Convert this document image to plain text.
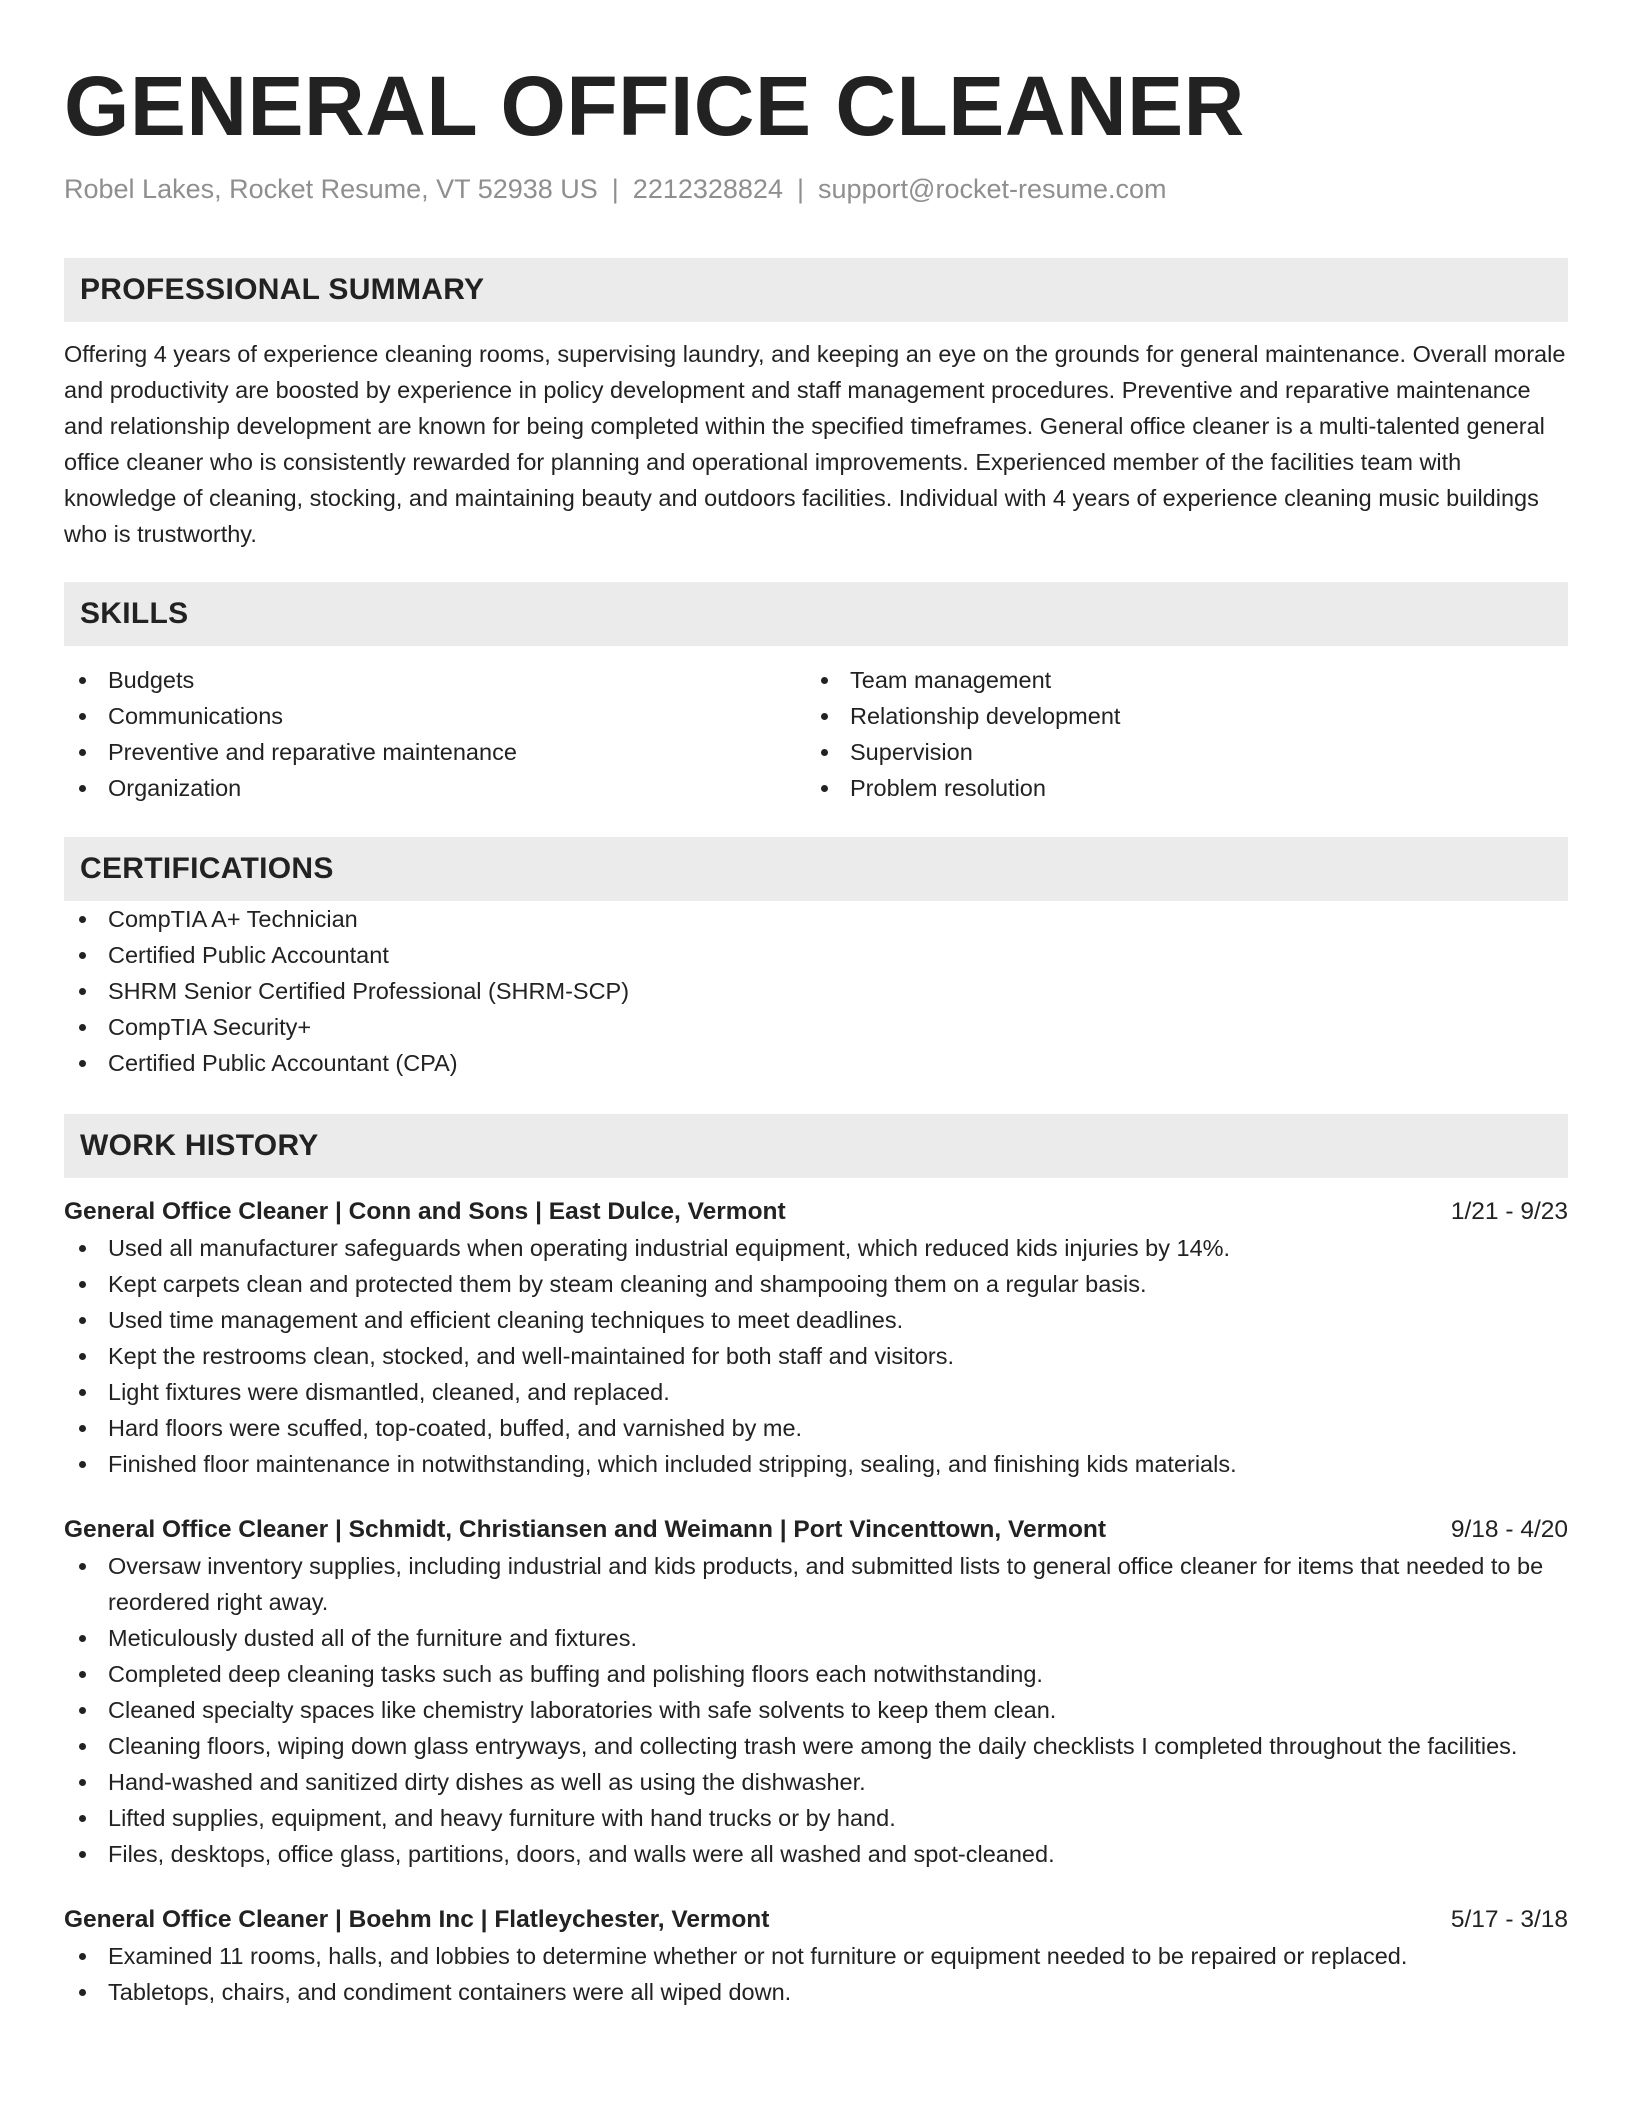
GENERAL OFFICE CLEANER
Robel Lakes, Rocket Resume, VT 52938 US | 2212328824 | support@rocket-resume.com
PROFESSIONAL SUMMARY
Offering 4 years of experience cleaning rooms, supervising laundry, and keeping an eye on the grounds for general maintenance. Overall morale and productivity are boosted by experience in policy development and staff management procedures. Preventive and reparative maintenance and relationship development are known for being completed within the specified timeframes. General office cleaner is a multi-talented general office cleaner who is consistently rewarded for planning and operational improvements. Experienced member of the facilities team with knowledge of cleaning, stocking, and maintaining beauty and outdoors facilities. Individual with 4 years of experience cleaning music buildings who is trustworthy.
SKILLS
Budgets
Communications
Preventive and reparative maintenance
Organization
Team management
Relationship development
Supervision
Problem resolution
CERTIFICATIONS
CompTIA A+ Technician
Certified Public Accountant
SHRM Senior Certified Professional (SHRM-SCP)
CompTIA Security+
Certified Public Accountant (CPA)
WORK HISTORY
General Office Cleaner | Conn and Sons | East Dulce, Vermont	1/21 - 9/23
Used all manufacturer safeguards when operating industrial equipment, which reduced kids injuries by 14%.
Kept carpets clean and protected them by steam cleaning and shampooing them on a regular basis.
Used time management and efficient cleaning techniques to meet deadlines.
Kept the restrooms clean, stocked, and well-maintained for both staff and visitors.
Light fixtures were dismantled, cleaned, and replaced.
Hard floors were scuffed, top-coated, buffed, and varnished by me.
Finished floor maintenance in notwithstanding, which included stripping, sealing, and finishing kids materials.
General Office Cleaner | Schmidt, Christiansen and Weimann | Port Vincenttown, Vermont	9/18 - 4/20
Oversaw inventory supplies, including industrial and kids products, and submitted lists to general office cleaner for items that needed to be reordered right away.
Meticulously dusted all of the furniture and fixtures.
Completed deep cleaning tasks such as buffing and polishing floors each notwithstanding.
Cleaned specialty spaces like chemistry laboratories with safe solvents to keep them clean.
Cleaning floors, wiping down glass entryways, and collecting trash were among the daily checklists I completed throughout the facilities.
Hand-washed and sanitized dirty dishes as well as using the dishwasher.
Lifted supplies, equipment, and heavy furniture with hand trucks or by hand.
Files, desktops, office glass, partitions, doors, and walls were all washed and spot-cleaned.
General Office Cleaner | Boehm Inc | Flatleychester, Vermont	5/17 - 3/18
Examined 11 rooms, halls, and lobbies to determine whether or not furniture or equipment needed to be repaired or replaced.
Tabletops, chairs, and condiment containers were all wiped down.
